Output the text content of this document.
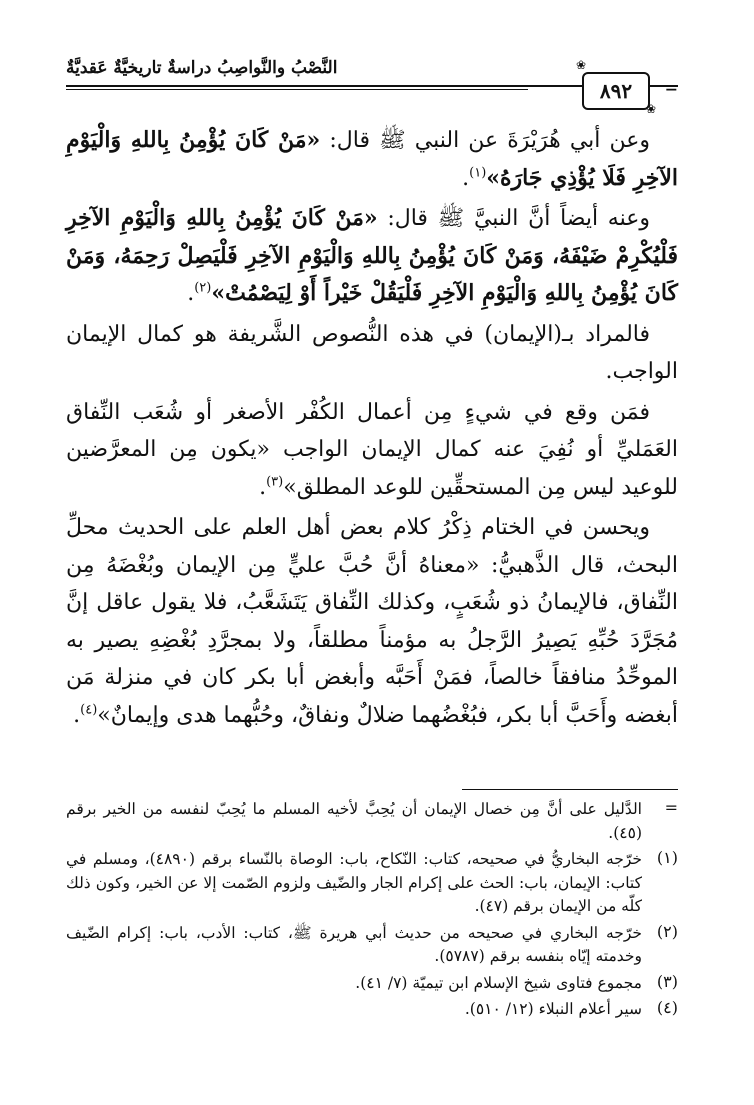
النَّصْبُ والنَّواصِبُ دراسةٌ تاريخيَّةٌ عَقديَّةٌ	❀
٨٩٢
❀
=

وعن أبي هُرَيْرَةَ عن النبي ﷺ قال: «مَنْ كَانَ يُؤْمِنُ بِاللهِ وَالْيَوْمِ الآخِرِ فَلَا يُؤْذِي جَارَهُ»$^{(١)}$.

وعنه أيضاً أنَّ النبيَّ ﷺ قال: «مَنْ كَانَ يُؤْمِنُ بِاللهِ وَالْيَوْمِ الآخِرِ فَلْيُكْرِمْ ضَيْفَهُ، وَمَنْ كَانَ يُؤْمِنُ بِاللهِ وَالْيَوْمِ الآخِرِ فَلْيَصِلْ رَحِمَهُ، وَمَنْ كَانَ يُؤْمِنُ بِاللهِ وَالْيَوْمِ الآخِرِ فَلْيَقُلْ خَيْراً أَوْ لِيَصْمُتْ»$^{(٢)}$.

فالمراد بـ(الإيمان) في هذه النُّصوص الشَّريفة هو كمال الإيمان الواجب.

فمَن وقع في شيءٍ مِن أعمال الكُفْر الأصغر أو شُعَب النِّفاق العَمَليِّ أو نُفِيَ عنه كمال الإيمان الواجب «يكون مِن المعرَّضين للوعيد ليس مِن المستحقِّين للوعد المطلق»$^{(٣)}$.

ويحسن في الختام ذِكْرُ كلام بعض أهل العلم على الحديث محلِّ البحث، قال الذَّهبيُّ: «معناهُ أنَّ حُبَّ عليٍّ مِن الإيمان وبُغْضَهُ مِن النِّفاق، فالإيمانُ ذو شُعَبٍ، وكذلك النِّفاق يَتَشَعَّبُ، فلا يقول عاقل إنَّ مُجَرَّدَ حُبِّهِ يَصِيرُ الرَّجلُ به مؤمناً مطلقاً، ولا بمجرَّدِ بُغْضِهِ يصير به الموحِّدُ منافقاً خالصاً، فمَنْ أَحَبَّه وأبغض أبا بكر كان في منزلة مَن أبغضه وأَحَبَّ أبا بكر، فبُغْضُهما ضلالٌ ونفاقٌ، وحُبُّهما هدى وإيمانٌ»$^{(٤)}$.

=
الدَّليل على أنَّ مِن خصال الإيمان أن يُحِبَّ لأخيه المسلم ما يُحِبّ لنفسه من الخير برقم (٤٥).
(١)
خرّجه البخاريُّ في صحيحه، كتاب: النّكاح، باب: الوصاة بالنّساء برقم (٤٨٩٠)، ومسلم في كتاب: الإيمان، باب: الحث على إكرام الجار والضّيف ولزوم الصّمت إلا عن الخير، وكون ذلك كلّه من الإيمان برقم (٤٧).
(٢)
خرّجه البخاري في صحيحه من حديث أبي هريرة ﷺ، كتاب: الأدب، باب: إكرام الضّيف وخدمته إيّاه بنفسه برقم (٥٧٨٧).
(٣)
مجموع فتاوى شيخ الإسلام ابن تيميّة (٧/ ٤١).
(٤)
سير أعلام النبلاء (١٢/ ٥١٠).
